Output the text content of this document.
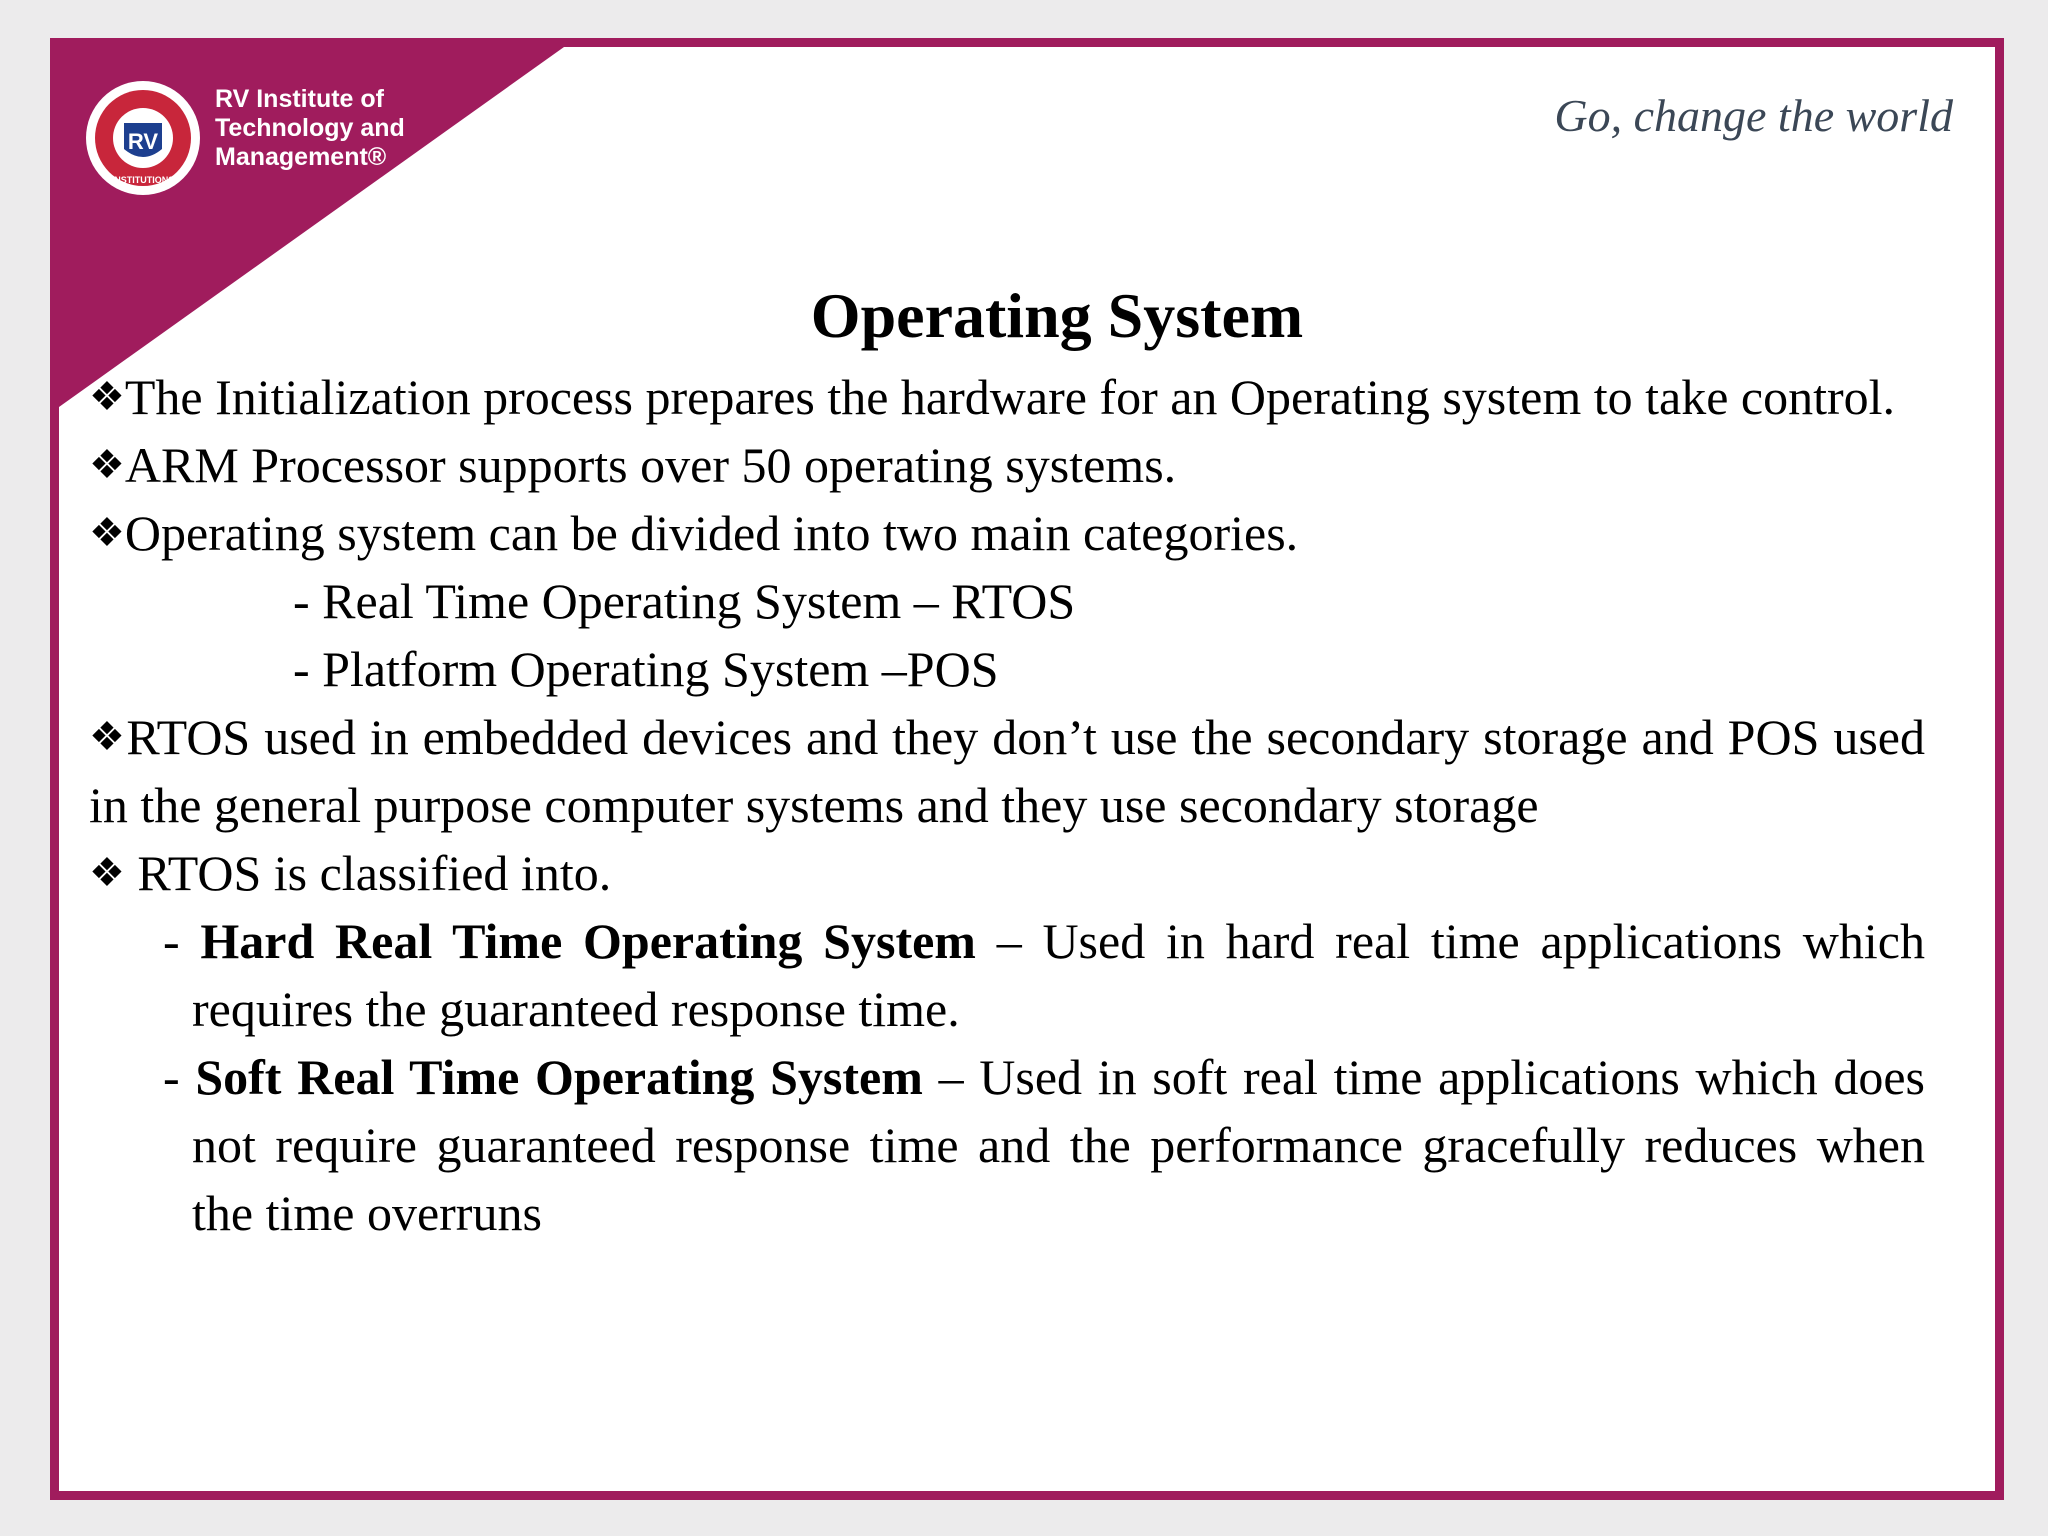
RV
INSTITUTIONS
RV Institute of
Technology and
Management®
Go, change the world
Operating System

❖ The Initialization process prepares the hardware for an Operating system to take control.

❖ ARM Processor supports over 50 operating systems.

❖ Operating system can be divided into two main categories.

- Real Time Operating System – RTOS

- Platform Operating System –POS

❖ RTOS used in embedded devices and they don’t use the secondary storage and POS used in the general purpose computer systems and they use secondary storage

❖ RTOS is classified into.

- Hard Real Time Operating System – Used in hard real time applications which requires the guaranteed response time.

- Soft Real Time Operating System – Used in soft real time applications which does not require guaranteed response time and the performance gracefully reduces when the time overruns
